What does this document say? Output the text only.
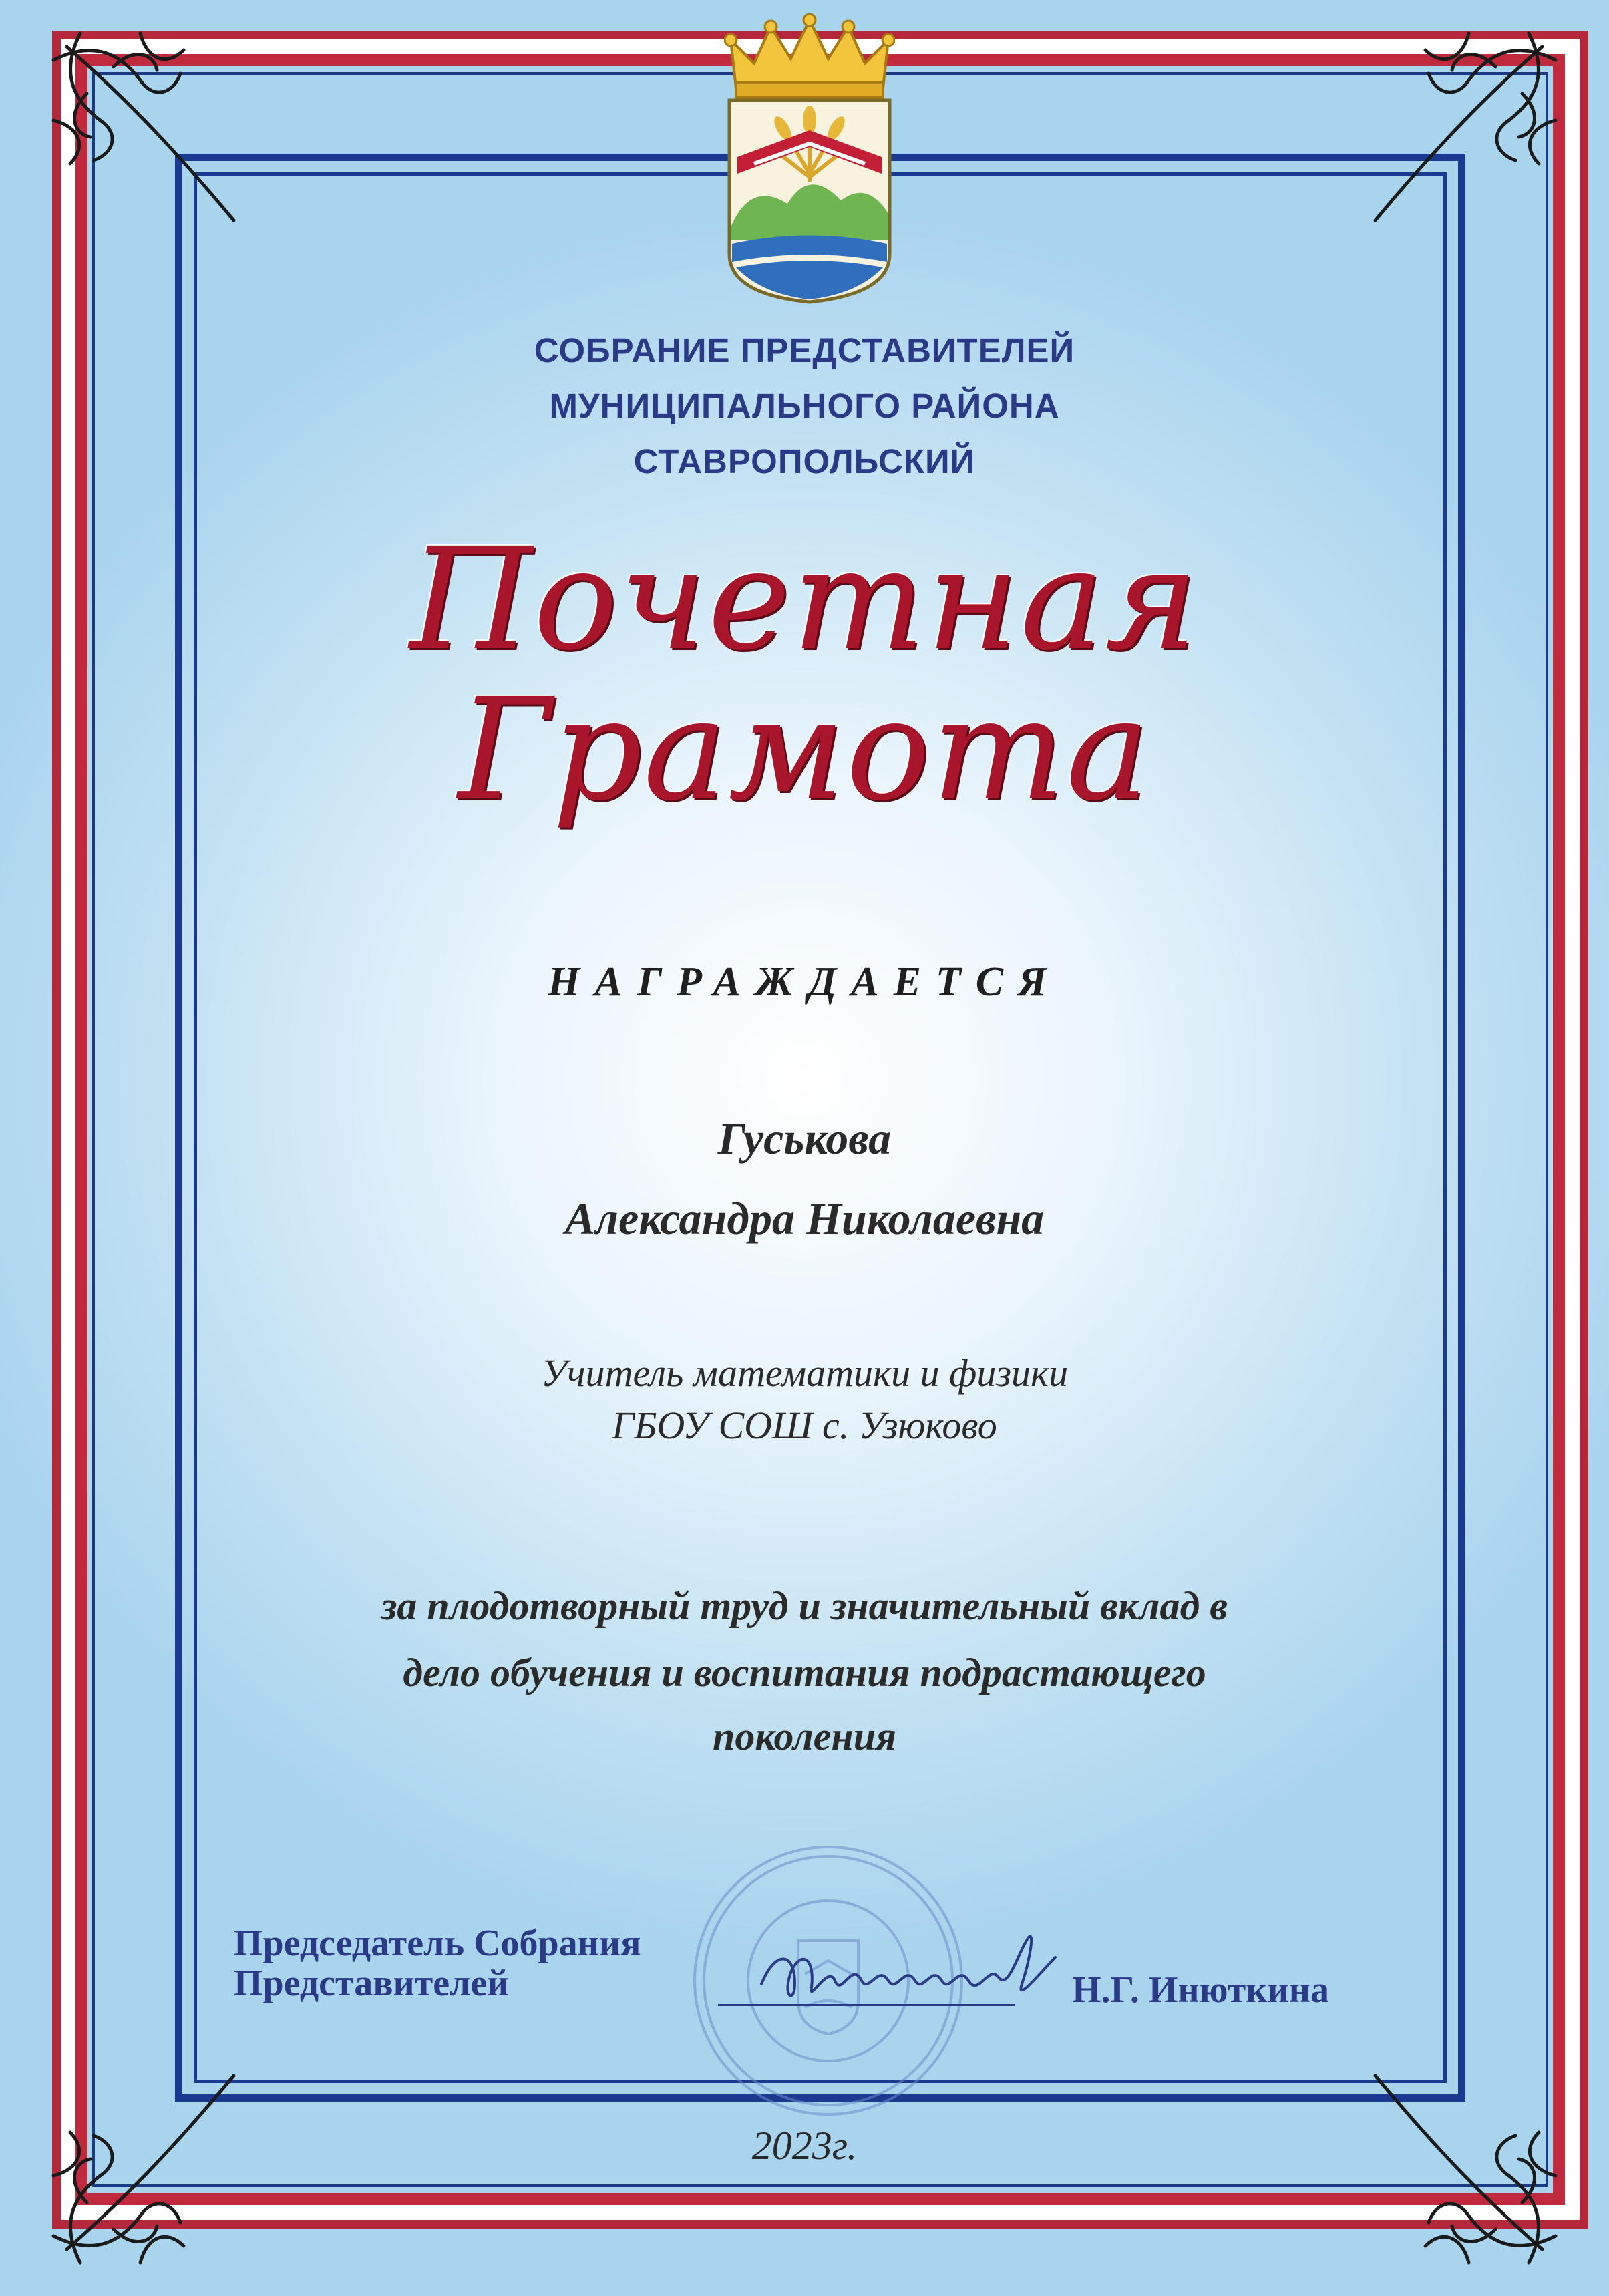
СОБРАНИЕ ПРЕДСТАВИТЕЛЕЙ
МУНИЦИПАЛЬНОГО РАЙОНА
СТАВРОПОЛЬСКИЙ
Почетная
Грамота
НАГРАЖДАЕТСЯ
Гуськова
Александра Николаевна
Учитель математики и физики
ГБОУ СОШ с. Узюково
за плодотворный труд и значительный вклад в
дело обучения и воспитания подрастающего
поколения
Председатель Собрания
Представителей	Н.Г. Инюткина
2023г.
